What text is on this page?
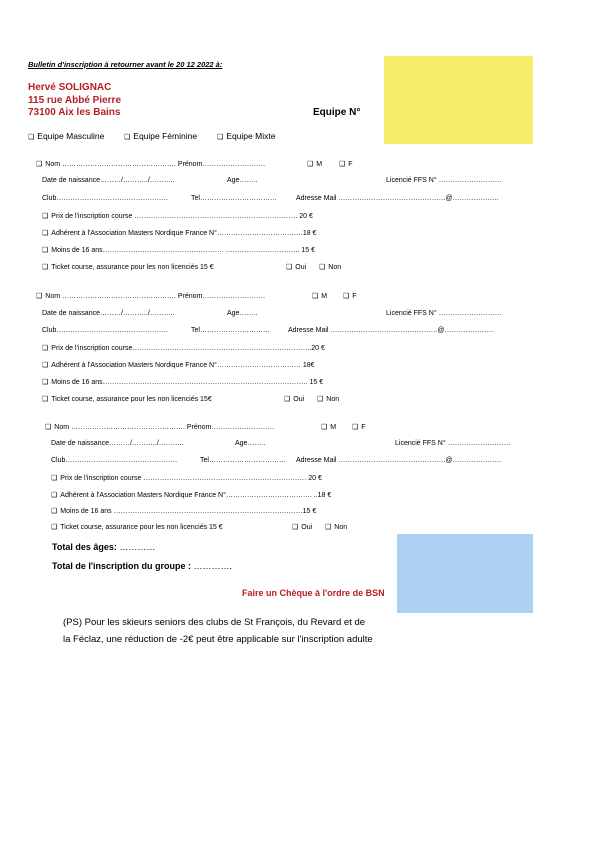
Bulletin d'inscription à retourner avant le 20 12 2022 à:
Hervé SOLIGNAC
115 rue Abbé Pierre
73100 Aix les Bains	Equipe N°
❑ Equipe Masculine	❑ Equipe Féminine	❑ Equipe Mixte
❑ Nom …………………………………………. Prénom………………………	❑ M ❑ F
Date de naissance………/………../………..	Age……..	Licencié FFS N° ………………………
Club…………………………………………	Tel……………………………	Adresse Mail ……………………………………….@………………..
❑ Prix de l'inscription course ……………………………………………………………. 20 €
❑ Adhérent à l'Association Masters Nordique France N°……………………………….18 €
❑ Moins de 16 ans……………………………………………. ………………………….. 15 €
❑ Ticket course, assurance pour les non licenciés 15 €	❑ Oui ❑ Non
❑ Nom …………………………………………. Prénom………………………	❑ M ❑ F
Date de naissance………/………../………..	Age……..	Licencié FFS N° ………………………
Club…………………………………………	Tel…………………………	Adresse Mail ……………………………………….@…………………
❑ Prix de l'inscription course…………………………………………………………………..20 €
❑ Adhérent à l'Association Masters Nordique France N°……………………………… 18€
❑ Moins de 16 ans……………………………………………………………………………. 15 €
❑ Ticket course, assurance pour les non licenciés 15€	❑ Oui ❑ Non
❑ Nom …………………………………………. Prénom………………………	❑ M ❑ F
Date de naissance………/………../………..	Age……..	Licencié FFS N° ………………………
Club…………………………………………	Tel…………………………… Adresse Mail ……………………………………….@…………………
❑ Prix de l'inscription course ……………………………………………………………. 20 €
❑ Adhérent à l'Association Masters Nordique France N°………………………………. ..18 €
❑ Moins de 16 ans ………………………………………………………………………15 €
❑ Ticket course, assurance pour les non licenciés 15 €	❑ Oui ❑ Non
Total des âges: …………
Total de l'inscription du groupe : ………….
Faire un Chèque à l'ordre de BSN
(PS) Pour les skieurs seniors des clubs de St François, du Revard et de
la Féclaz, une réduction de -2€ peut être applicable sur l'inscription adulte
